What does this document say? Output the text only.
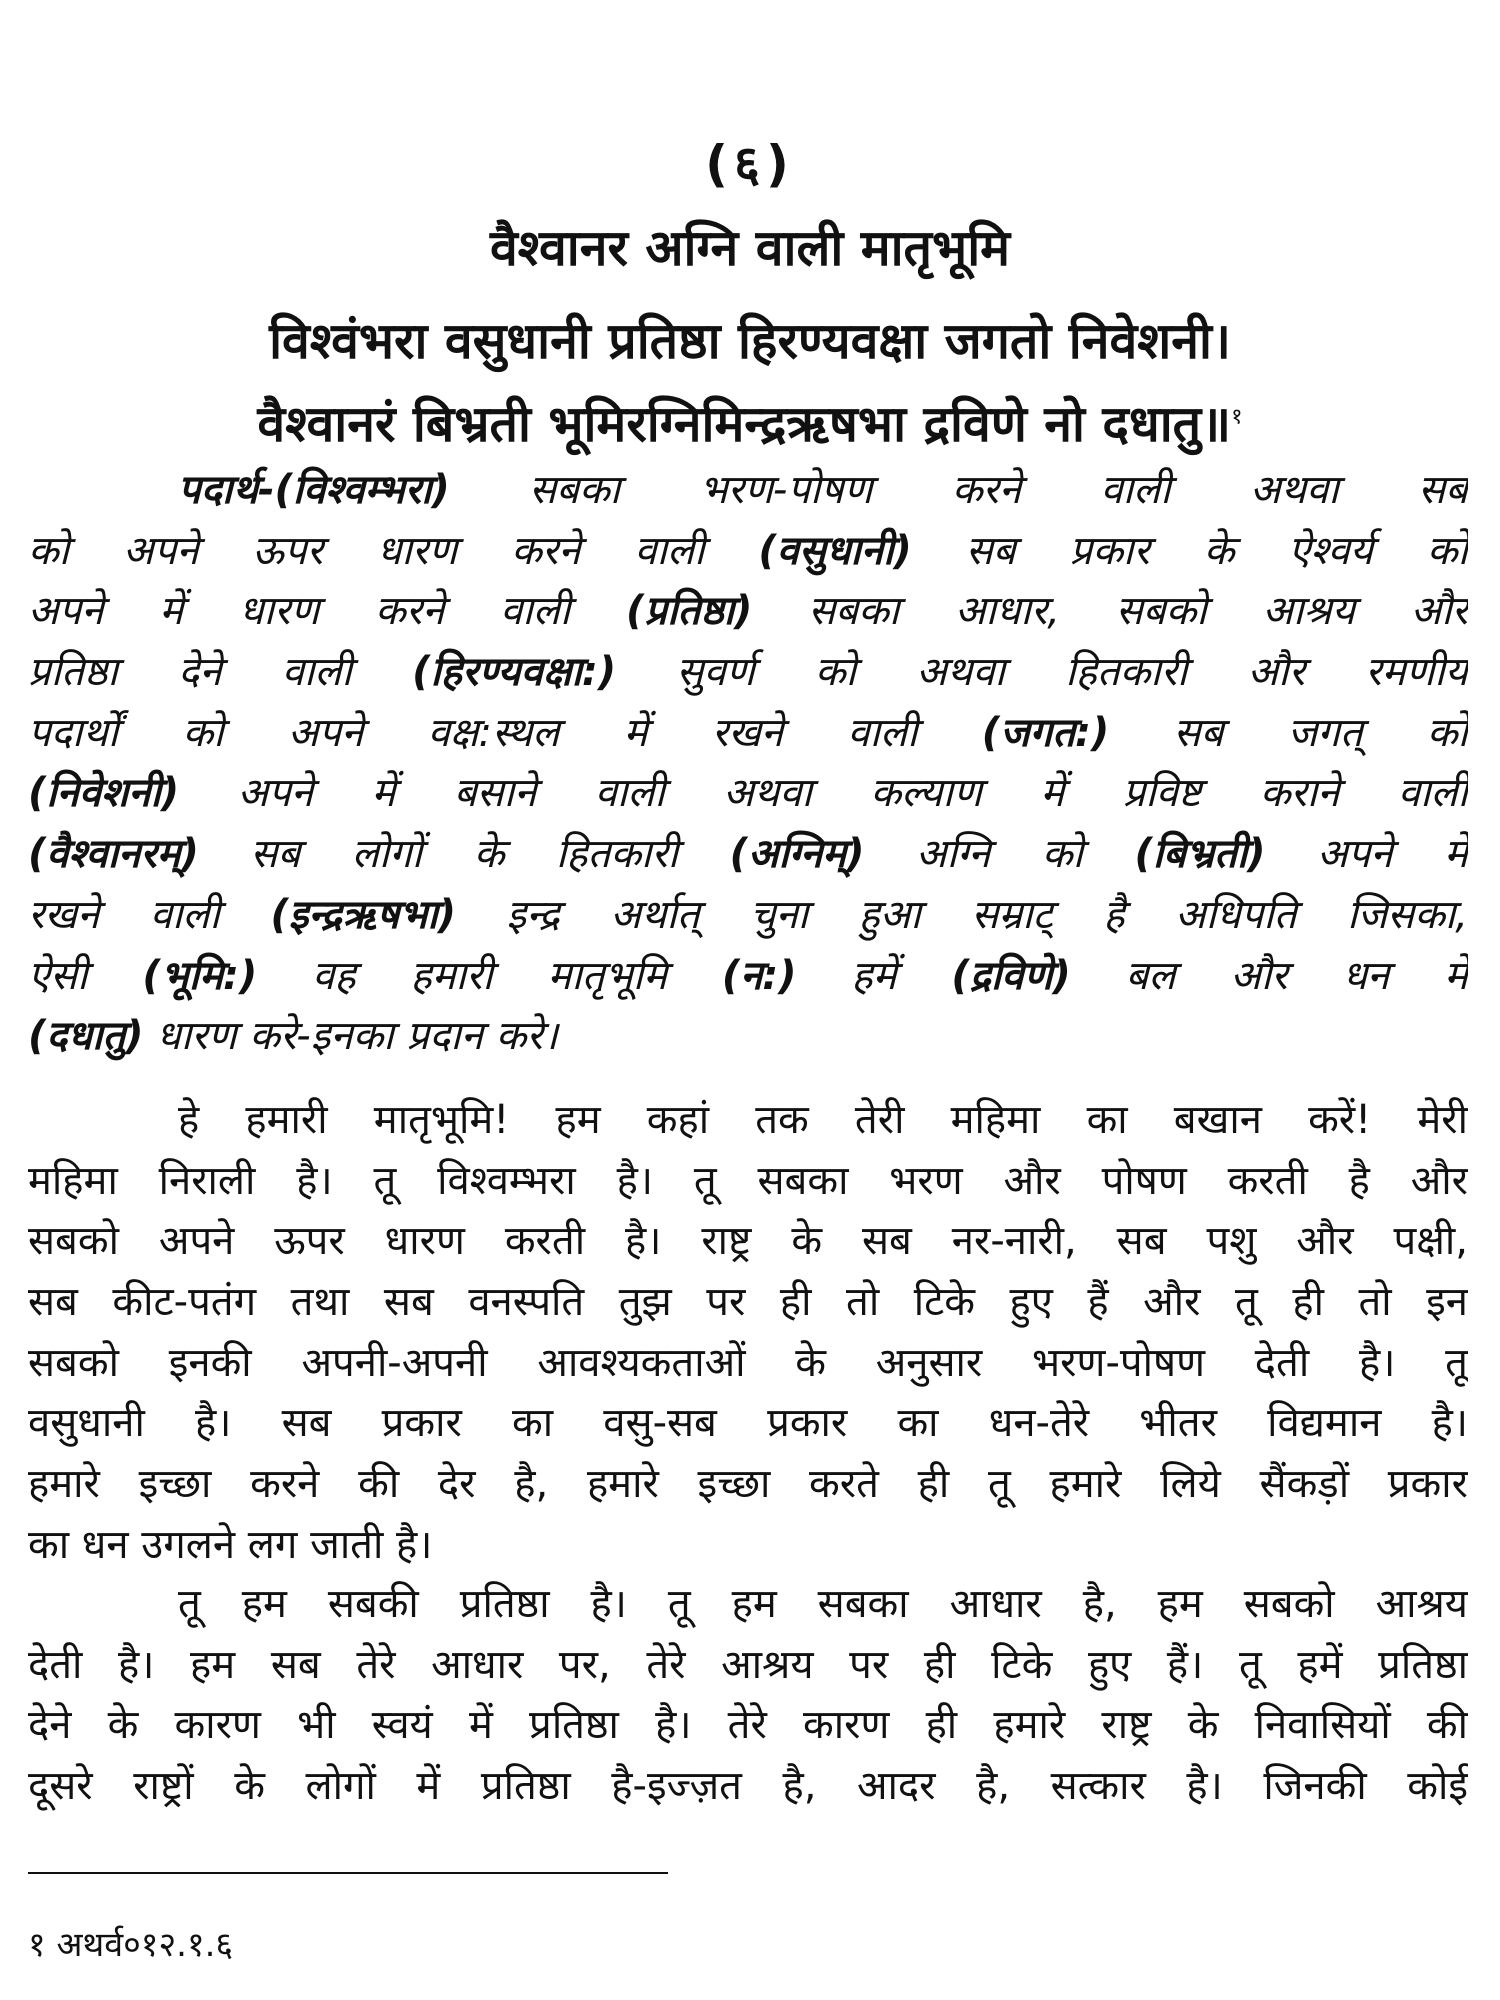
(६)
वैश्वानर अग्नि वाली मातृभूमि
विश्वंभरा वसुधानी प्रतिष्ठा हिरण्यवक्षा जगतो निवेशनी।
वैश्वानरं बिभ्रती भूमिरग्निमिन्द्रऋषभा द्रविणे नो दधातु॥$^१$
पदार्थ-(विश्वम्भरा) सबका भरण-पोषण करने वाली अथवा सब
को अपने ऊपर धारण करने वाली (वसुधानी) सब प्रकार के ऐश्वर्य को
अपने में धारण करने वाली (प्रतिष्ठा) सबका आधार, सबको आश्रय और
प्रतिष्ठा देने वाली (हिरण्यवक्षा:) सुवर्ण को अथवा हितकारी और रमणीय
पदार्थों को अपने वक्ष:स्थल में रखने वाली (जगत:) सब जगत् को
(निवेशनी) अपने में बसाने वाली अथवा कल्याण में प्रविष्ट कराने वाली
(वैश्वानरम्) सब लोगों के हितकारी (अग्निम्) अग्नि को (बिभ्रती) अपने में
रखने वाली (इन्द्रऋषभा) इन्द्र अर्थात् चुना हुआ सम्राट् है अधिपति जिसका,
ऐसी (भूमि:) वह हमारी मातृभूमि (न:) हमें (द्रविणे) बल और धन में
(दधातु) धारण करे-इनका प्रदान करे।
हे हमारी मातृभूमि! हम कहां तक तेरी महिमा का बखान करें! मेरी
महिमा निराली है। तू विश्वम्भरा है। तू सबका भरण और पोषण करती है और
सबको अपने ऊपर धारण करती है। राष्ट्र के सब नर-नारी, सब पशु और पक्षी,
सब कीट-पतंग तथा सब वनस्पति तुझ पर ही तो टिके हुए हैं और तू ही तो इन
सबको इनकी अपनी-अपनी आवश्यकताओं के अनुसार भरण-पोषण देती है। तू
वसुधानी है। सब प्रकार का वसु-सब प्रकार का धन-तेरे भीतर विद्यमान है।
हमारे इच्छा करने की देर है, हमारे इच्छा करते ही तू हमारे लिये सैंकड़ों प्रकार
का धन उगलने लग जाती है।
तू हम सबकी प्रतिष्ठा है। तू हम सबका आधार है, हम सबको आश्रय
देती है। हम सब तेरे आधार पर, तेरे आश्रय पर ही टिके हुए हैं। तू हमें प्रतिष्ठा
देने के कारण भी स्वयं में प्रतिष्ठा है। तेरे कारण ही हमारे राष्ट्र के निवासियों की
दूसरे राष्ट्रों के लोगों में प्रतिष्ठा है-इज्ज़त है, आदर है, सत्कार है। जिनकी कोई
१ अथर्व०१२.१.६
